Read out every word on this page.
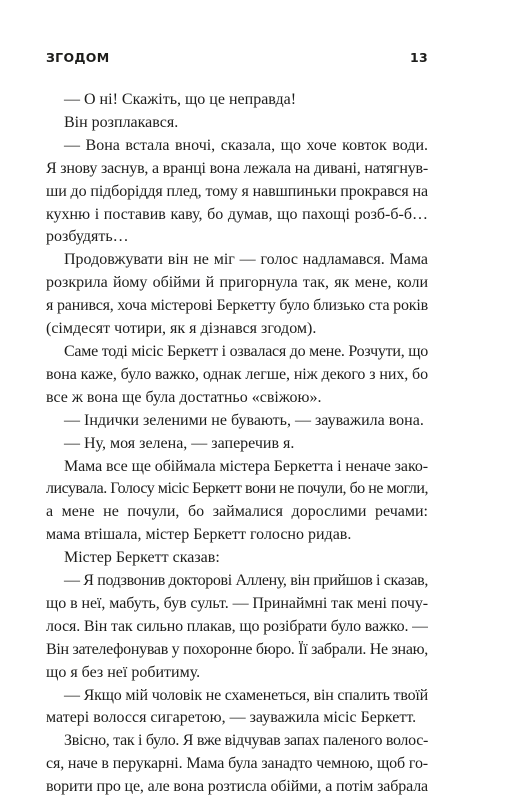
ЗГОДОМ	13

— О ні! Скажіть, що це неправда!

Він розплакався.

— Вона встала вночі, сказала, що хоче ковток води.

Я знову заснув, а вранці вона лежала на дивані, натягнув-

ши до підборіддя плед, тому я навшпиньки прокрався на

кухню і поставив каву, бо думав, що пахощі розб-б-б…

розбудять…

Продовжувати він не міг — голос надламався. Мама

розкрила йому обійми й пригорнула так, як мене, коли

я ранився, хоча містерові Беркетту було близько ста років

(сімдесят чотири, як я дізнався згодом).

Саме тоді місіс Беркетт і озвалася до мене. Розчути, що

вона каже, було важко, однак легше, ніж декого з них, бо

все ж вона ще була достатньо «свіжою».

— Індички зеленими не бувають, — зауважила вона.

— Ну, моя зелена, — заперечив я.

Мама все ще обіймала містера Беркетта і неначе зако-

лисувала. Голосу місіс Беркетт вони не почули, бо не могли,

а мене не почули, бо займалися дорослими речами:

мама втішала, містер Беркетт голосно ридав.

Містер Беркетт сказав:

— Я подзвонив докторові Аллену, він прийшов і сказав,

що в неї, мабуть, був сульт. — Принаймні так мені почу-

лося. Він так сильно плакав, що розібрати було важко. —

Він зателефонував у похоронне бюро. Її забрали. Не знаю,

що я без неї робитиму.

— Якщо мій чоловік не схаменеться, він спалить твоїй

матері волосся сигаретою, — зауважила місіс Беркетт.

Звісно, так і було. Я вже відчував запах паленого волос-

ся, наче в перукарні. Мама була занадто чемною, щоб го-

ворити про це, але вона розтисла обійми, а потім забрала
